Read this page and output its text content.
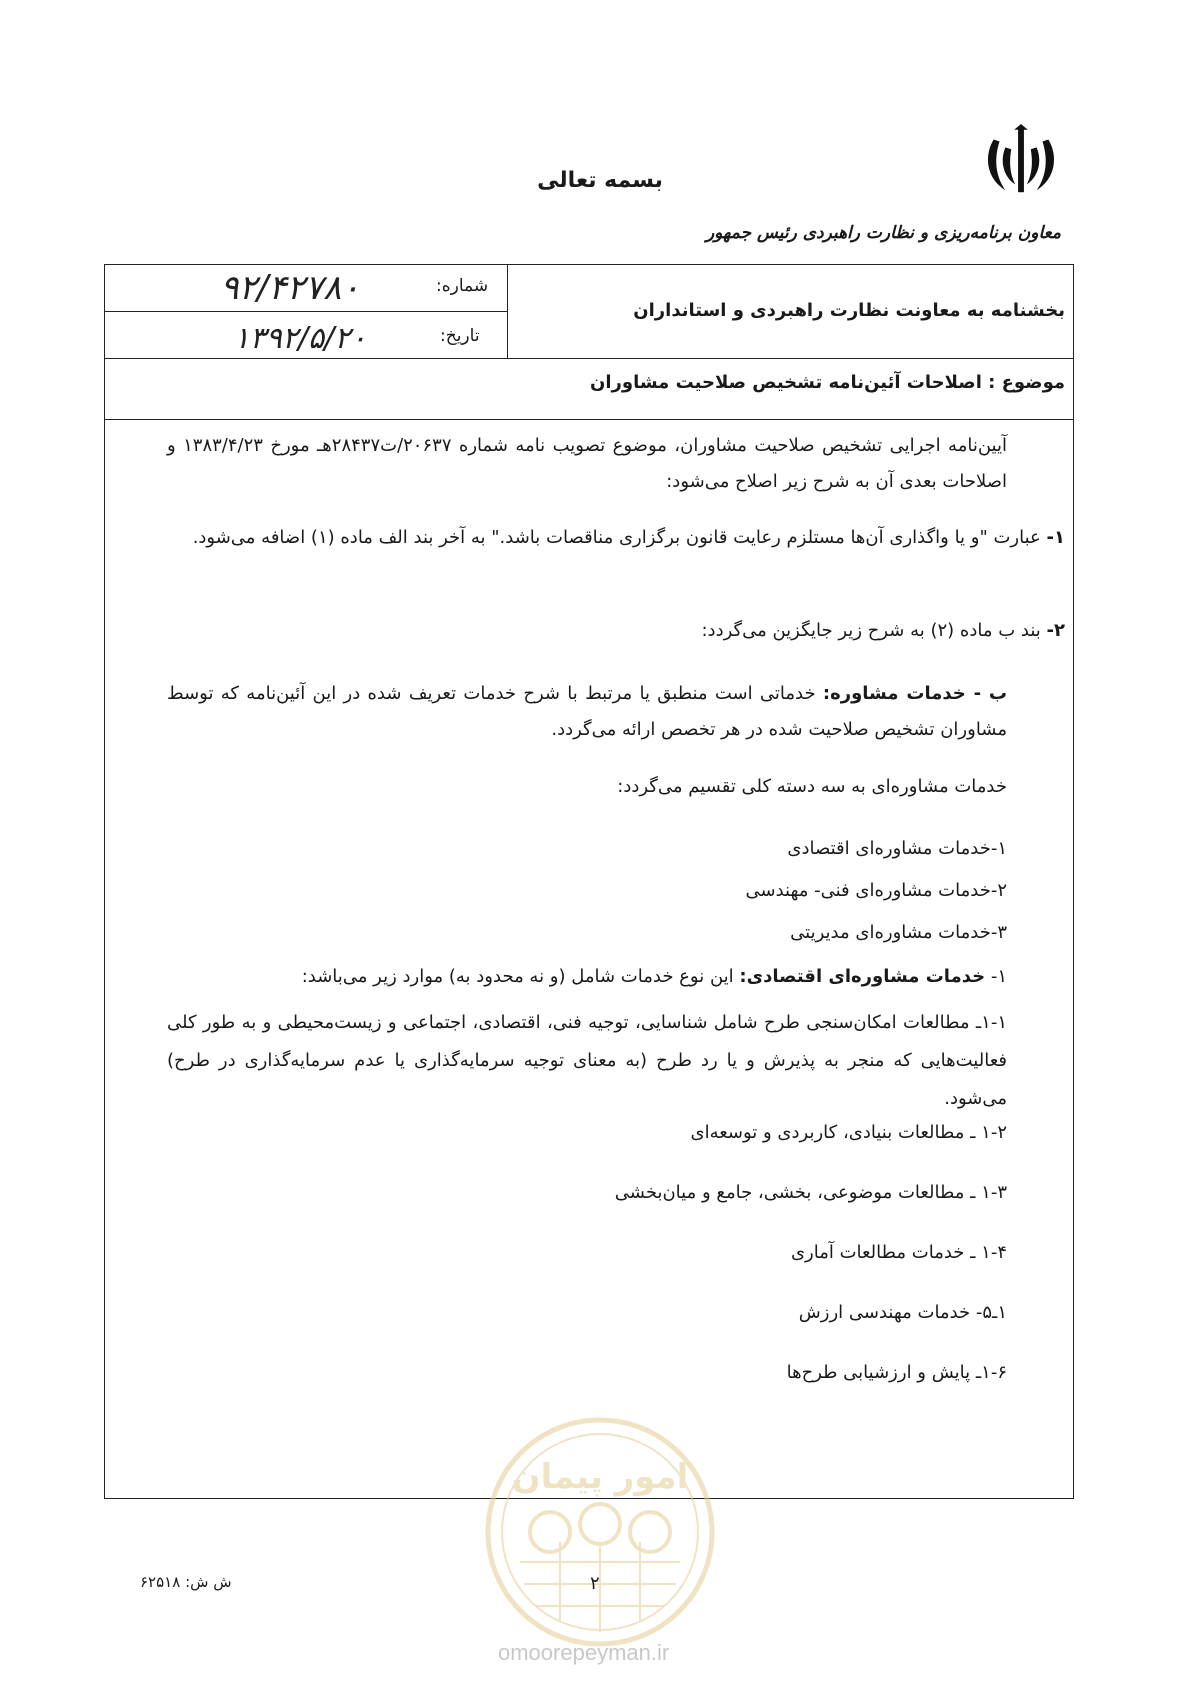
بسمه تعالی
معاون برنامه‌ریزی و نظارت راهبردی رئیس جمهور
بخشنامه به معاونت نظارت راهبردی و استانداران
شماره:
تاریخ:
۹۲/۴۲۷۸۰
۱۳۹۲/۵/۲۰
موضوع : اصلاحات آئین‌نامه تشخیص صلاحیت مشاوران
آیین‌نامه اجرایی تشخیص صلاحیت مشاوران، موضوع تصویب نامه شماره ۲۰۶۳۷/ت۲۸۴۳۷هـ مورخ ۱۳۸۳/۴/۲۳ و اصلاحات بعدی آن به شرح زیر اصلاح می‌شود:
۱- عبارت "و یا واگذاری آن‌ها مستلزم رعایت قانون برگزاری مناقصات باشد." به آخر بند الف ماده (۱) اضافه می‌شود.
۲- بند ب ماده (۲) به شرح زیر جایگزین می‌گردد:
ب - خدمات مشاوره: خدماتی است منطبق یا مرتبط با شرح خدمات تعریف شده در این آئین‌نامه که توسط مشاوران تشخیص صلاحیت شده در هر تخصص ارائه می‌گردد.
خدمات مشاوره‌ای به سه دسته کلی تقسیم می‌گردد:
۱-خدمات مشاوره‌ای اقتصادی
۲-خدمات مشاوره‌ای فنی- مهندسی
۳-خدمات مشاوره‌ای مدیریتی
۱- خدمات مشاوره‌ای اقتصادی: این نوع خدمات شامل (و نه محدود به) موارد زیر می‌باشد:
۱-۱ـ مطالعات امکان‌سنجی طرح شامل شناسایی، توجیه فنی، اقتصادی، اجتماعی و زیست‌محیطی و به طور کلی فعالیت‌هایی که منجر به پذیرش و یا رد طرح (به معنای توجیه سرمایه‌گذاری یا عدم سرمایه‌گذاری در طرح) می‌شود.
۱-۲ ـ مطالعات بنیادی، کاربردی و توسعه‌ای
۱-۳ ـ مطالعات موضوعی، بخشی، جامع و میان‌بخشی
۱-۴ ـ خدمات مطالعات آماری
۱ـ۵- خدمات مهندسی ارزش
۱-۶ـ پایش و ارزشیابی طرح‌ها
امور پیمان
ش ش: ۶۲۵۱۸	۲
omoorepeyman.ir
